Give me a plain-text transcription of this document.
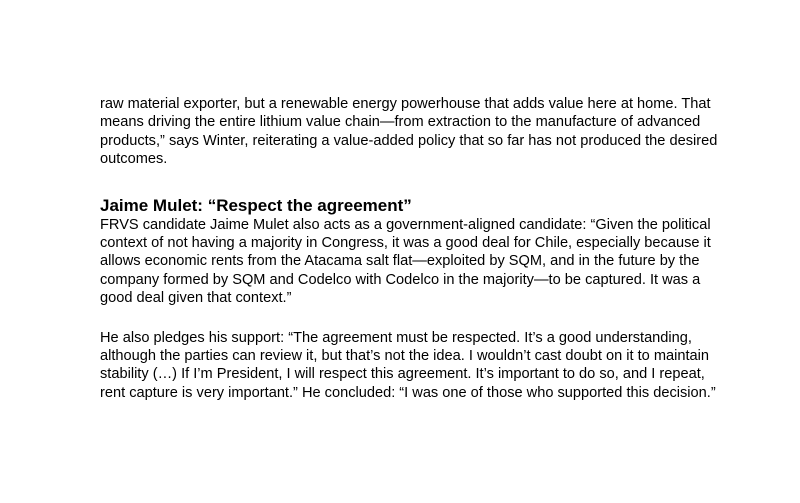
raw material exporter, but a renewable energy powerhouse that adds value here at home. That means driving the entire lithium value chain—from extraction to the manufacture of advanced products,” says Winter, reiterating a value-added policy that so far has not produced the desired outcomes.

Jaime Mulet: “Respect the agreement”

FRVS candidate Jaime Mulet also acts as a government-aligned candidate: “Given the political context of not having a majority in Congress, it was a good deal for Chile, especially because it allows economic rents from the Atacama salt flat—exploited by SQM, and in the future by the company formed by SQM and Codelco with Codelco in the majority—to be captured. It was a good deal given that context.”

He also pledges his support: “The agreement must be respected. It’s a good understanding, although the parties can review it, but that’s not the idea. I wouldn’t cast doubt on it to maintain stability (…) If I’m President, I will respect this agreement. It’s important to do so, and I repeat, rent capture is very important.” He concluded: “I was one of those who supported this decision.”
